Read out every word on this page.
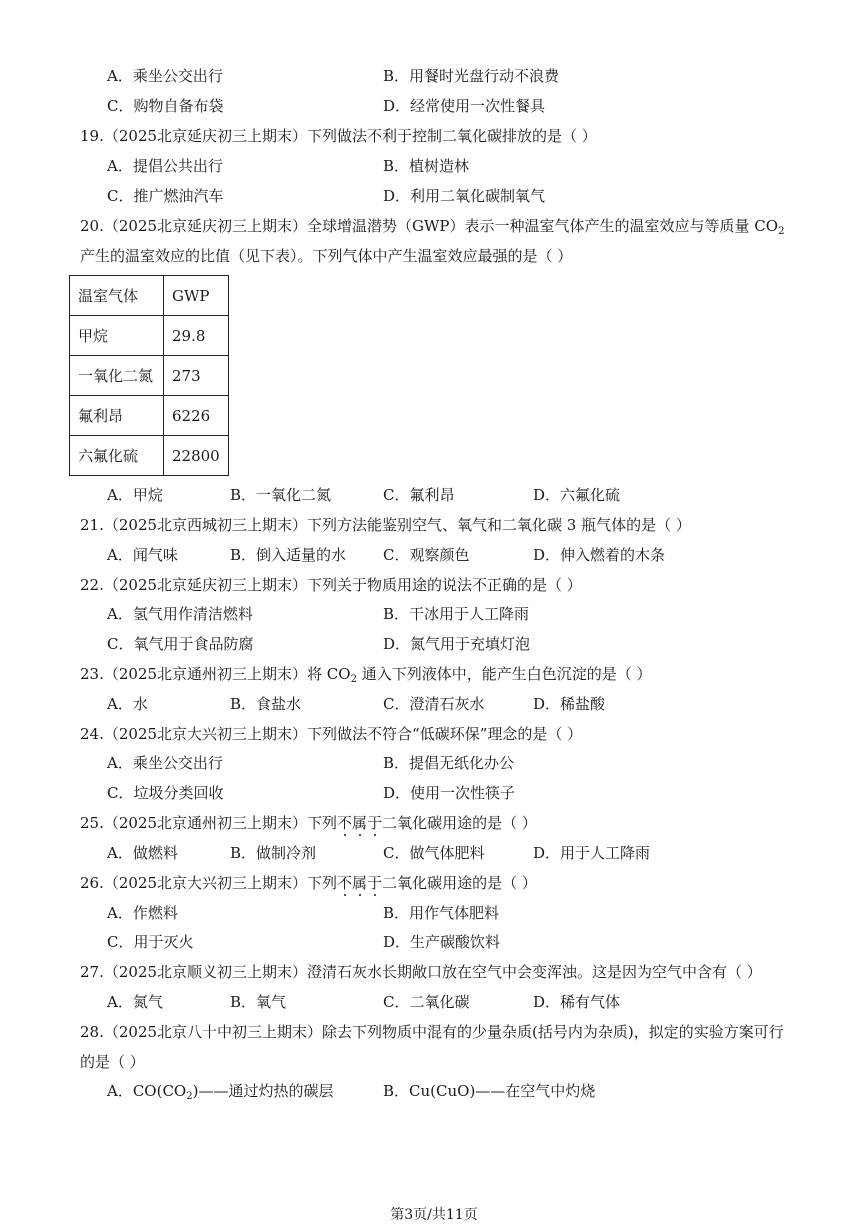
A．乘坐公交出行	B．用餐时光盘行动不浪费
C．购物自备布袋	D．经常使用一次性餐具
19.（2025北京延庆初三上期末）下列做法不利于控制二氧化碳排放的是（ ）
A．提倡公共出行	B．植树造林
C．推广燃油汽车	D．利用二氧化碳制氧气
20.（2025北京延庆初三上期末）全球增温潜势（GWP）表示一种温室气体产生的温室效应与等质量 $CO_2$
产生的温室效应的比值（见下表）。下列气体中产生温室效应最强的是（ ）
温室气体	GWP
甲烷	29.8
一氧化二氮	273
氟利昂	6226
六氟化硫	22800
A．甲烷	B．一氧化二氮	C．氟利昂	D．六氟化硫
21.（2025北京西城初三上期末）下列方法能鉴别空气、氧气和二氧化碳 3 瓶气体的是（ ）
A．闻气味	B．倒入适量的水 C．观察颜色	D．伸入燃着的木条
22.（2025北京延庆初三上期末）下列关于物质用途的说法不正确的是（ ）
A．氢气用作清洁燃料	B．干冰用于人工降雨
C．氧气用于食品防腐	D．氮气用于充填灯泡
23.（2025北京通州初三上期末）将 $CO_2$ 通入下列液体中，能产生白色沉淀的是（ ）
A．水	B．食盐水	C．澄清石灰水	D．稀盐酸
24.（2025北京大兴初三上期末）下列做法不符合“低碳环保”理念的是（ ）
A．乘坐公交出行	B．提倡无纸化办公
C．垃圾分类回收	D．使用一次性筷子
25.（2025北京通州初三上期末）下列不属于二氧化碳用途的是（ ）
A．做燃料	B．做制冷剂	C．做气体肥料	D．用于人工降雨
26.（2025北京大兴初三上期末）下列不属于二氧化碳用途的是（ ）
A．作燃料	B．用作气体肥料
C．用于灭火	D．生产碳酸饮料
27.（2025北京顺义初三上期末）澄清石灰水长期敞口放在空气中会变浑浊。这是因为空气中含有（ ）
A．氮气	B．氧气	C．二氧化碳	D．稀有气体
28.（2025北京八十中初三上期末）除去下列物质中混有的少量杂质(括号内为杂质)，拟定的实验方案可行
的是（ ）
A．$CO(CO_2)——$通过灼热的碳层	B．Cu(CuO)——在空气中灼烧
第3页/共11页
